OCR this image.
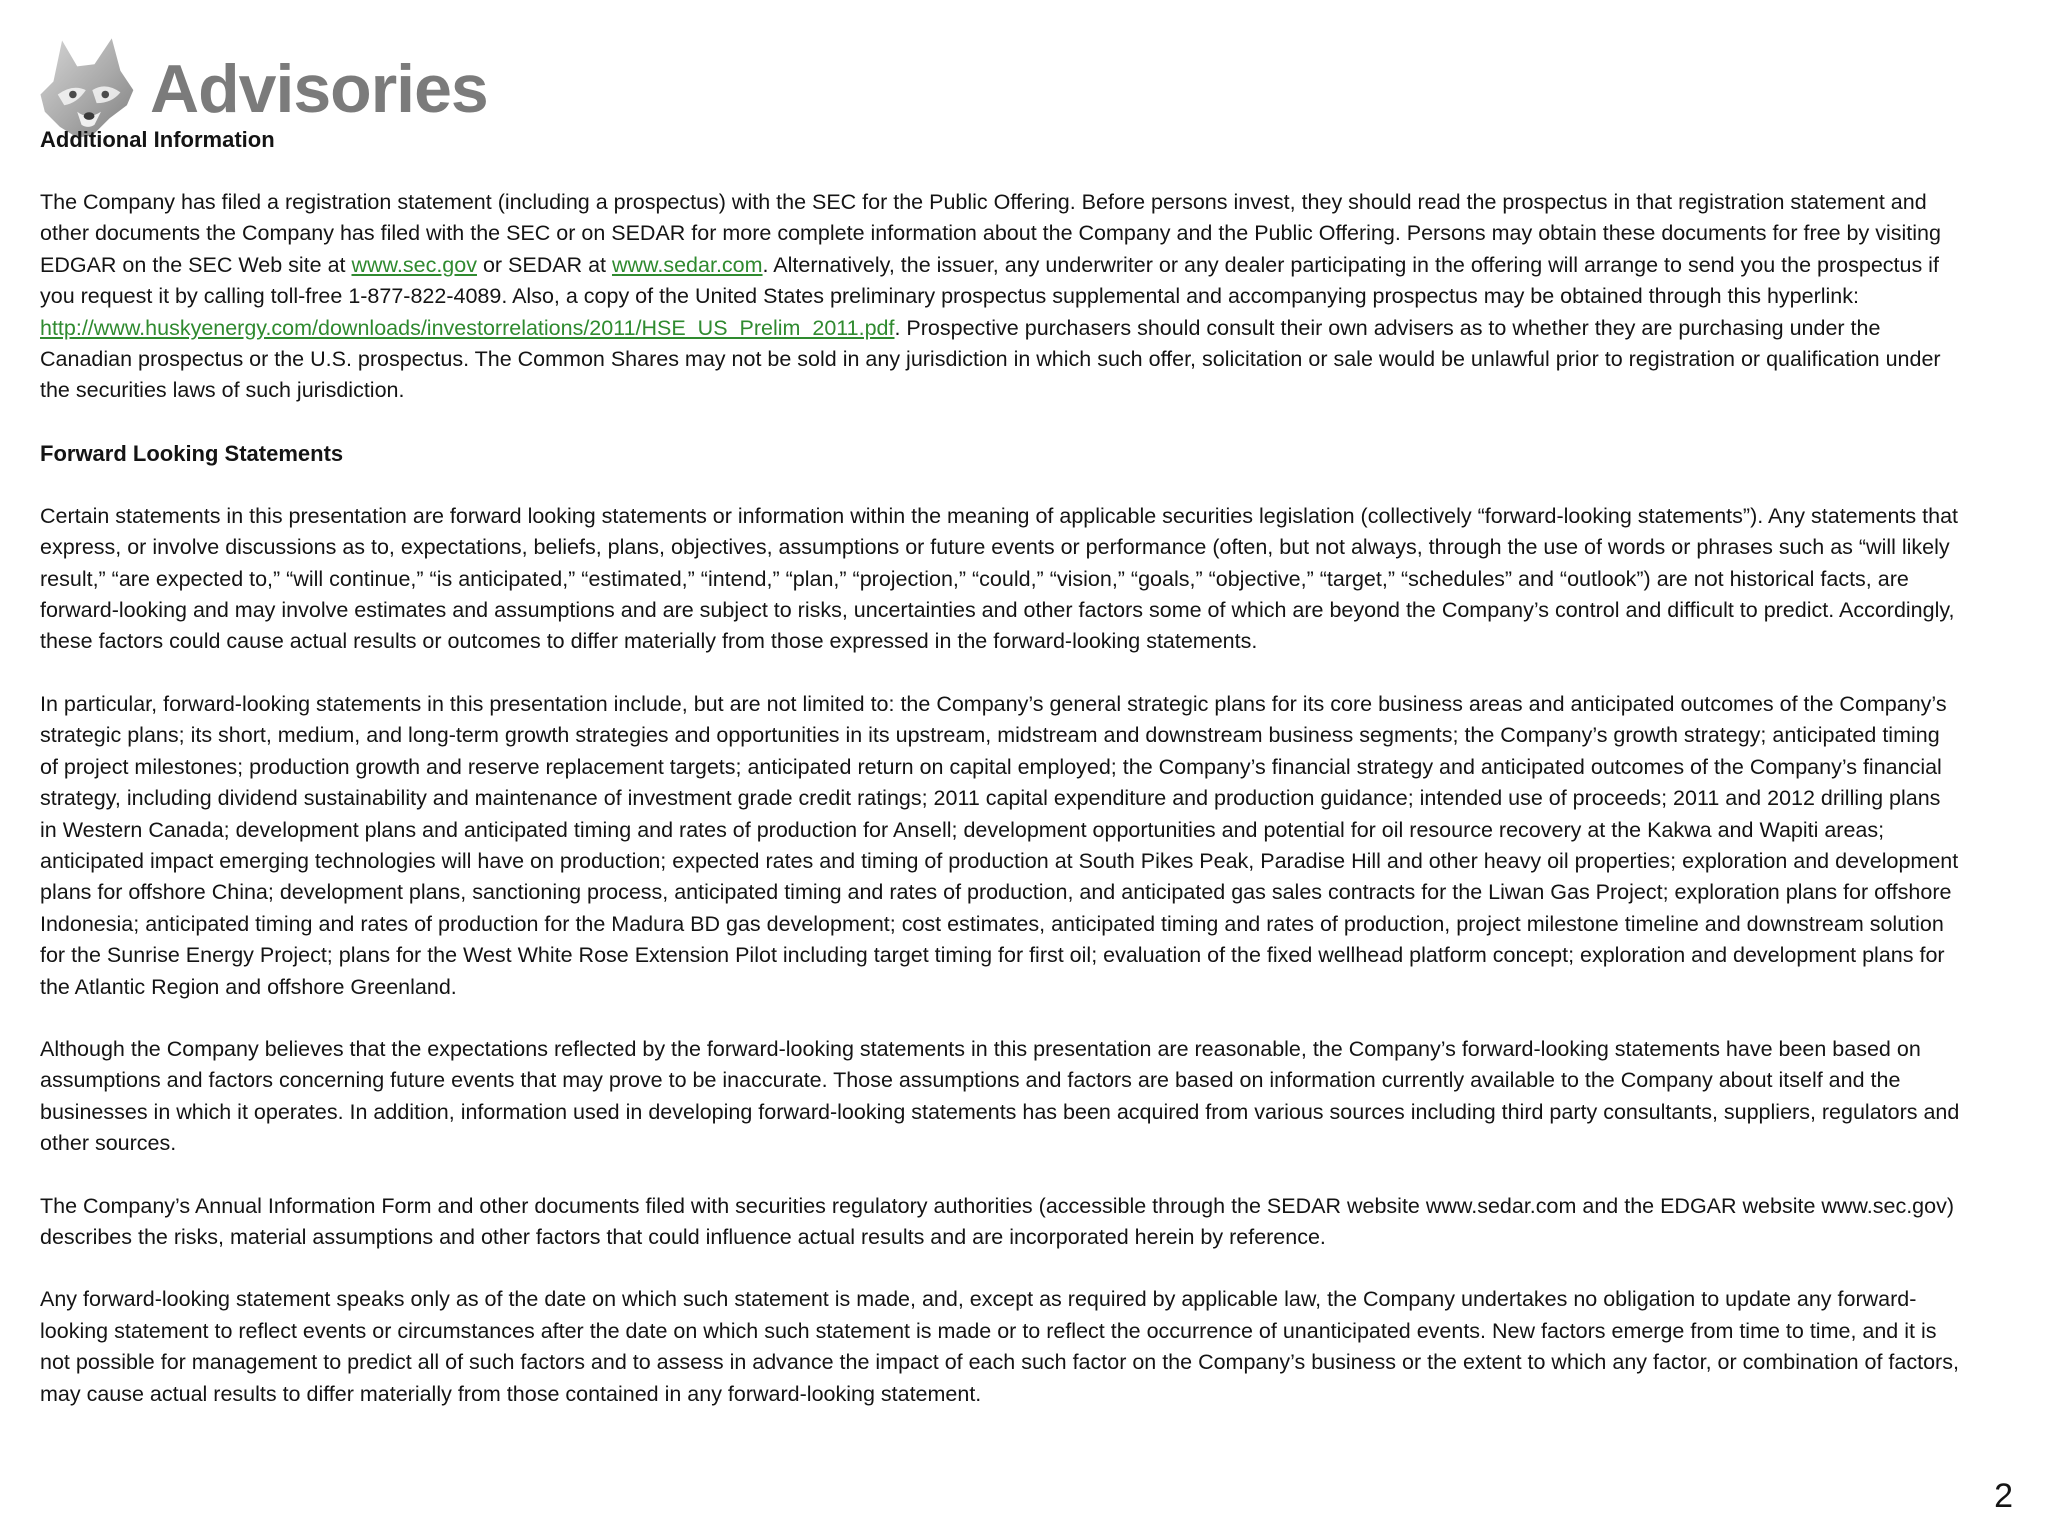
Advisories
Additional Information

The Company has filed a registration statement (including a prospectus) with the SEC for the Public Offering. Before persons invest, they should read the prospectus in that registration statement and other documents the Company has filed with the SEC or on SEDAR for more complete information about the Company and the Public Offering. Persons may obtain these documents for free by visiting EDGAR on the SEC Web site at www.sec.gov or SEDAR at www.sedar.com. Alternatively, the issuer, any underwriter or any dealer participating in the offering will arrange to send you the prospectus if you request it by calling toll-free 1-877-822-4089. Also, a copy of the United States preliminary prospectus supplemental and accompanying prospectus may be obtained through this hyperlink: http://www.huskyenergy.com/downloads/investorrelations/2011/HSE_US_Prelim_2011.pdf. Prospective purchasers should consult their own advisers as to whether they are purchasing under the Canadian prospectus or the U.S. prospectus. The Common Shares may not be sold in any jurisdiction in which such offer, solicitation or sale would be unlawful prior to registration or qualification under the securities laws of such jurisdiction.

Forward Looking Statements

Certain statements in this presentation are forward looking statements or information within the meaning of applicable securities legislation (collectively “forward-looking statements”). Any statements that express, or involve discussions as to, expectations, beliefs, plans, objectives, assumptions or future events or performance (often, but not always, through the use of words or phrases such as “will likely result,” “are expected to,” “will continue,” “is anticipated,” “estimated,” “intend,” “plan,” “projection,” “could,” “vision,” “goals,” “objective,” “target,” “schedules” and “outlook”) are not historical facts, are forward-looking and may involve estimates and assumptions and are subject to risks, uncertainties and other factors some of which are beyond the Company’s control and difficult to predict. Accordingly, these factors could cause actual results or outcomes to differ materially from those expressed in the forward-looking statements.

In particular, forward-looking statements in this presentation include, but are not limited to: the Company’s general strategic plans for its core business areas and anticipated outcomes of the Company’s strategic plans; its short, medium, and long-term growth strategies and opportunities in its upstream, midstream and downstream business segments; the Company’s growth strategy; anticipated timing of project milestones; production growth and reserve replacement targets; anticipated return on capital employed; the Company’s financial strategy and anticipated outcomes of the Company’s financial strategy, including dividend sustainability and maintenance of investment grade credit ratings; 2011 capital expenditure and production guidance; intended use of proceeds; 2011 and 2012 drilling plans in Western Canada; development plans and anticipated timing and rates of production for Ansell; development opportunities and potential for oil resource recovery at the Kakwa and Wapiti areas; anticipated impact emerging technologies will have on production; expected rates and timing of production at South Pikes Peak, Paradise Hill and other heavy oil properties; exploration and development plans for offshore China; development plans, sanctioning process, anticipated timing and rates of production, and anticipated gas sales contracts for the Liwan Gas Project; exploration plans for offshore Indonesia; anticipated timing and rates of production for the Madura BD gas development; cost estimates, anticipated timing and rates of production, project milestone timeline and downstream solution for the Sunrise Energy Project; plans for the West White Rose Extension Pilot including target timing for first oil; evaluation of the fixed wellhead platform concept; exploration and development plans for the Atlantic Region and offshore Greenland.

Although the Company believes that the expectations reflected by the forward-looking statements in this presentation are reasonable, the Company’s forward-looking statements have been based on assumptions and factors concerning future events that may prove to be inaccurate. Those assumptions and factors are based on information currently available to the Company about itself and the businesses in which it operates. In addition, information used in developing forward-looking statements has been acquired from various sources including third party consultants, suppliers, regulators and other sources.

The Company’s Annual Information Form and other documents filed with securities regulatory authorities (accessible through the SEDAR website www.sedar.com and the EDGAR website www.sec.gov) describes the risks, material assumptions and other factors that could influence actual results and are incorporated herein by reference.

Any forward-looking statement speaks only as of the date on which such statement is made, and, except as required by applicable law, the Company undertakes no obligation to update any forward-looking statement to reflect events or circumstances after the date on which such statement is made or to reflect the occurrence of unanticipated events. New factors emerge from time to time, and it is not possible for management to predict all of such factors and to assess in advance the impact of each such factor on the Company’s business or the extent to which any factor, or combination of factors, may cause actual results to differ materially from those contained in any forward-looking statement.

2
